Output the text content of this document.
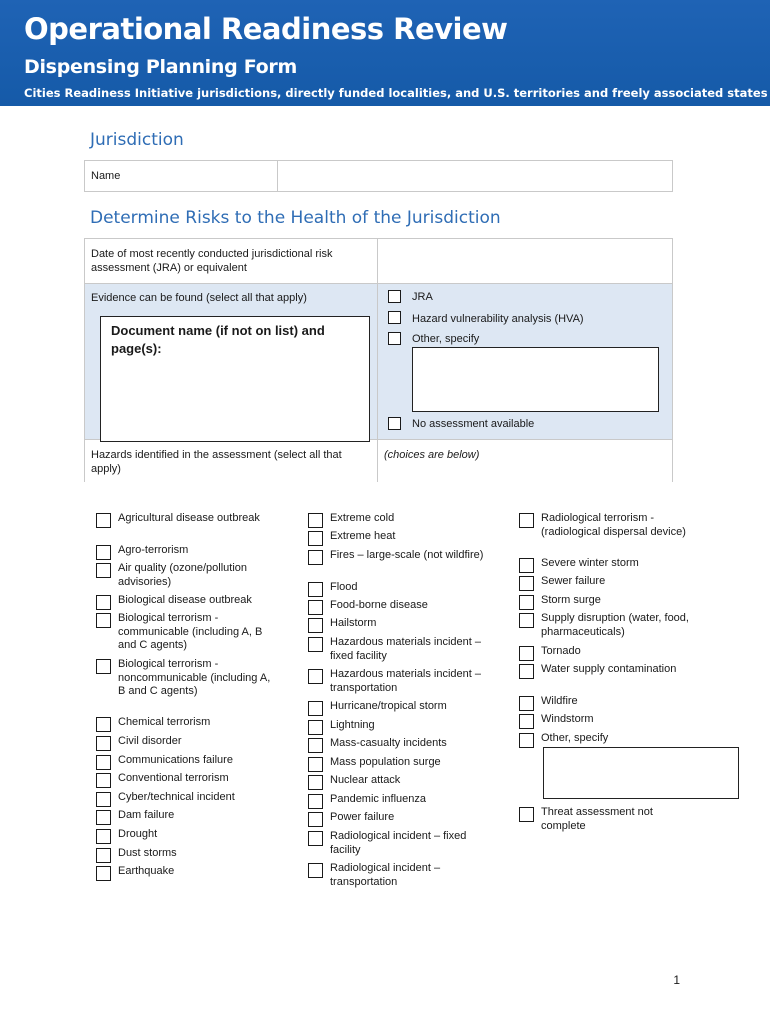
Operational Readiness Review
Dispensing Planning Form
Cities Readiness Initiative jurisdictions, directly funded localities, and U.S. territories and freely associated states
Jurisdiction
Name
Determine Risks to the Health of the Jurisdiction
Date of most recently conducted jurisdictional risk assessment (JRA) or equivalent
Evidence can be found (select all that apply)
Document name (if not on list) and page(s):
JRA
Hazard vulnerability analysis (HVA)
Other, specify
No assessment available
Hazards identified in the assessment (select all that apply)
(choices are below)
Agricultural disease outbreak
Agro-terrorism
Air quality (ozone/pollution advisories)
Biological disease outbreak
Biological terrorism - communicable (including A, B and C agents)
Biological terrorism - noncommunicable (including A, B and C agents)
Chemical terrorism
Civil disorder
Communications failure
Conventional terrorism
Cyber/technical incident
Dam failure
Drought
Dust storms
Earthquake
Extreme cold
Extreme heat
Fires – large-scale (not wildfire)
Flood
Food-borne disease
Hailstorm
Hazardous materials incident – fixed facility
Hazardous materials incident – transportation
Hurricane/tropical storm
Lightning
Mass-casualty incidents
Mass population surge
Nuclear attack
Pandemic influenza
Power failure
Radiological incident – fixed facility
Radiological incident – transportation
Radiological terrorism - (radiological dispersal device)
Severe winter storm
Sewer failure
Storm surge
Supply disruption (water, food, pharmaceuticals)
Tornado
Water supply contamination
Wildfire
Windstorm
Other, specify
Threat assessment not complete
1
